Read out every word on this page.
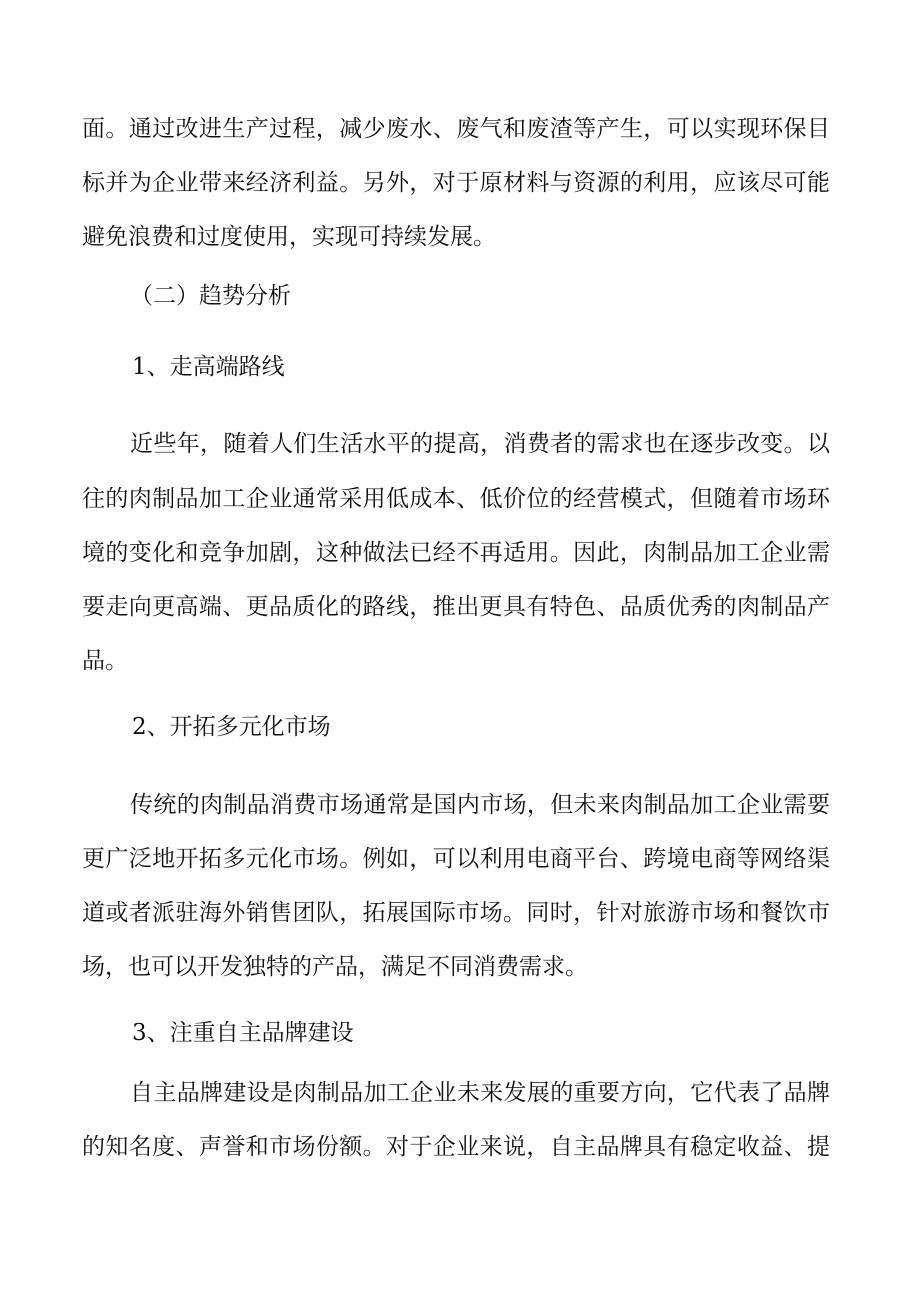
面。通过改进生产过程，减少废水、废气和废渣等产生，可以实现环保目
标并为企业带来经济利益。另外，对于原材料与资源的利用，应该尽可能
避免浪费和过度使用，实现可持续发展。
（二）趋势分析
1、走高端路线
近些年，随着人们生活水平的提高，消费者的需求也在逐步改变。以
往的肉制品加工企业通常采用低成本、低价位的经营模式，但随着市场环
境的变化和竞争加剧，这种做法已经不再适用。因此，肉制品加工企业需
要走向更高端、更品质化的路线，推出更具有特色、品质优秀的肉制品产
品。
2、开拓多元化市场
传统的肉制品消费市场通常是国内市场，但未来肉制品加工企业需要
更广泛地开拓多元化市场。例如，可以利用电商平台、跨境电商等网络渠
道或者派驻海外销售团队，拓展国际市场。同时，针对旅游市场和餐饮市
场，也可以开发独特的产品，满足不同消费需求。
3、注重自主品牌建设
自主品牌建设是肉制品加工企业未来发展的重要方向，它代表了品牌
的知名度、声誉和市场份额。对于企业来说，自主品牌具有稳定收益、提
